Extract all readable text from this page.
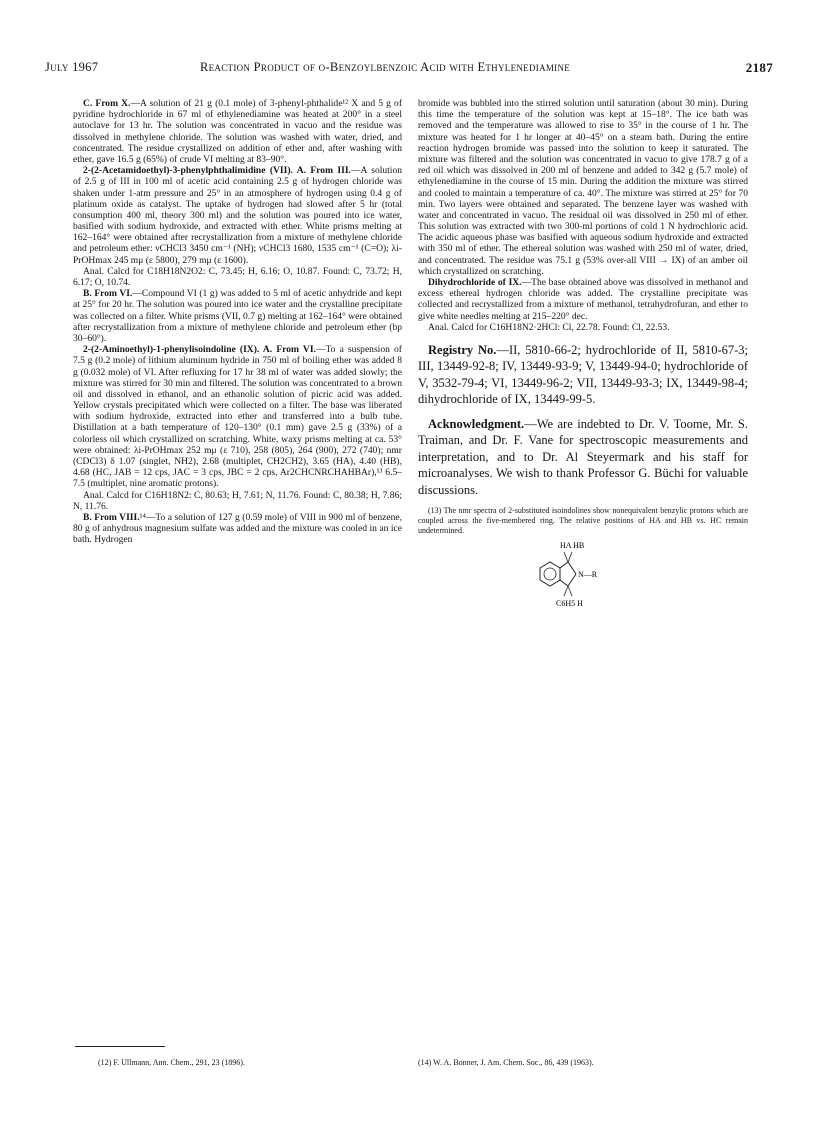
July 1967	Reaction Product of o-Benzoylbenzoic Acid with Ethylenediamine	2187

C. From X.—A solution of 21 g (0.1 mole) of 3-phenyl-phthalide¹² X and 5 g of pyridine hydrochloride in 67 ml of ethylenediamine was heated at 200° in a steel autoclave for 13 hr. The solution was concentrated in vacuo and the residue was dissolved in methylene chloride. The solution was washed with water, dried, and concentrated. The residue crystallized on addition of ether and, after washing with ether, gave 16.5 g (65%) of crude VI melting at 83–90°.

2-(2-Acetamidoethyl)-3-phenylphthalimidine (VII). A. From III.—A solution of 2.5 g of III in 100 ml of acetic acid containing 2.5 g of hydrogen chloride was shaken under 1-atm pressure and 25° in an atmosphere of hydrogen using 0.4 g of platinum oxide as catalyst. The uptake of hydrogen had slowed after 5 hr (total consumption 400 ml, theory 300 ml) and the solution was poured into ice water, basified with sodium hydroxide, and extracted with ether. White prisms melting at 162–164° were obtained after recrystallization from a mixture of methylene chloride and petroleum ether: νCHCl3 3450 cm⁻¹ (NH); νCHCl3 1680, 1535 cm⁻¹ (C=O); λi-PrOHmax 245 mμ (ε 5800), 279 mμ (ε 1600).

Anal. Calcd for C18H18N2O2: C, 73.45; H, 6.16; O, 10.87. Found: C, 73.72; H, 6.17; O, 10.74.

B. From VI.—Compound VI (1 g) was added to 5 ml of acetic anhydride and kept at 25° for 20 hr. The solution was poured into ice water and the crystalline precipitate was collected on a filter. White prisms (VII, 0.7 g) melting at 162–164° were obtained after recrystallization from a mixture of methylene chloride and petroleum ether (bp 30–60°).

2-(2-Aminoethyl)-1-phenylisoindoline (IX). A. From VI.—To a suspension of 7.5 g (0.2 mole) of lithium aluminum hydride in 750 ml of boiling ether was added 8 g (0.032 mole) of VI. After refluxing for 17 hr 38 ml of water was added slowly; the mixture was stirred for 30 min and filtered. The solution was concentrated to a brown oil and dissolved in ethanol, and an ethanolic solution of picric acid was added. Yellow crystals precipitated which were collected on a filter. The base was liberated with sodium hydroxide, extracted into ether and transferred into a bulb tube. Distillation at a bath temperature of 120–130° (0.1 mm) gave 2.5 g (33%) of a colorless oil which crystallized on scratching. White, waxy prisms melting at ca. 53° were obtained: λi-PrOHmax 252 mμ (ε 710), 258 (805), 264 (900), 272 (740); nmr (CDCl3) δ 1.07 (singlet, NH2), 2.68 (multiplet, CH2CH2), 3.65 (HA), 4.40 (HB), 4.68 (HC, JAB = 12 cps, JAC = 3 cps, JBC = 2 cps, Ar2CHCNRCHAHBAr),¹³ 6.5–7.5 (multiplet, nine aromatic protons).

Anal. Calcd for C16H18N2: C, 80.63; H, 7.61; N, 11.76. Found: C, 80.38; H, 7.86; N, 11.76.

B. From VIII.¹⁴—To a solution of 127 g (0.59 mole) of VIII in 900 ml of benzene, 80 g of anhydrous magnesium sulfate was added and the mixture was cooled in an ice bath. Hydrogen

bromide was bubbled into the stirred solution until saturation (about 30 min). During this time the temperature of the solution was kept at 15–18°. The ice bath was removed and the temperature was allowed to rise to 35° in the course of 1 hr. The mixture was heated for 1 hr longer at 40–45° on a steam bath. During the entire reaction hydrogen bromide was passed into the solution to keep it saturated. The mixture was filtered and the solution was concentrated in vacuo to give 178.7 g of a red oil which was dissolved in 200 ml of benzene and added to 342 g (5.7 mole) of ethylenediamine in the course of 15 min. During the addition the mixture was stirred and cooled to maintain a temperature of ca. 40°. The mixture was stirred at 25° for 70 min. Two layers were obtained and separated. The benzene layer was washed with water and concentrated in vacuo. The residual oil was dissolved in 250 ml of ether. This solution was extracted with two 300-ml portions of cold 1 N hydrochloric acid. The acidic aqueous phase was basified with aqueous sodium hydroxide and extracted with 350 ml of ether. The ethereal solution was washed with 250 ml of water, dried, and concentrated. The residue was 75.1 g (53% over-all VIII → IX) of an amber oil which crystallized on scratching.

Dihydrochloride of IX.—The base obtained above was dissolved in methanol and excess ethereal hydrogen chloride was added. The crystalline precipitate was collected and recrystallized from a mixture of methanol, tetrahydrofuran, and ether to give white needles melting at 215–220° dec.

Anal. Calcd for C16H18N2·2HCl: Cl, 22.78. Found: Cl, 22.53.

Registry No.—II, 5810-66-2; hydrochloride of II, 5810-67-3; III, 13449-92-8; IV, 13449-93-9; V, 13449-94-0; hydrochloride of V, 3532-79-4; VI, 13449-96-2; VII, 13449-93-3; IX, 13449-98-4; dihydrochloride of IX, 13449-99-5.

Acknowledgment.—We are indebted to Dr. V. Toome, Mr. S. Traiman, and Dr. F. Vane for spectroscopic measurements and interpretation, and to Dr. Al Steyermark and his staff for microanalyses. We wish to thank Professor G. Büchi for valuable discussions.

(13) The nmr spectra of 2-substituted isoindolines show nonequivalent benzylic protons which are coupled across the five-membered ring. The relative positions of HA and HB vs. HC remain undetermined.

HA HB
N—R
C6H5 H
(12) F. Ullmann, Ann. Chem., 291, 23 (1896).	(14) W. A. Bonner, J. Am. Chem. Soc., 86, 439 (1963).
